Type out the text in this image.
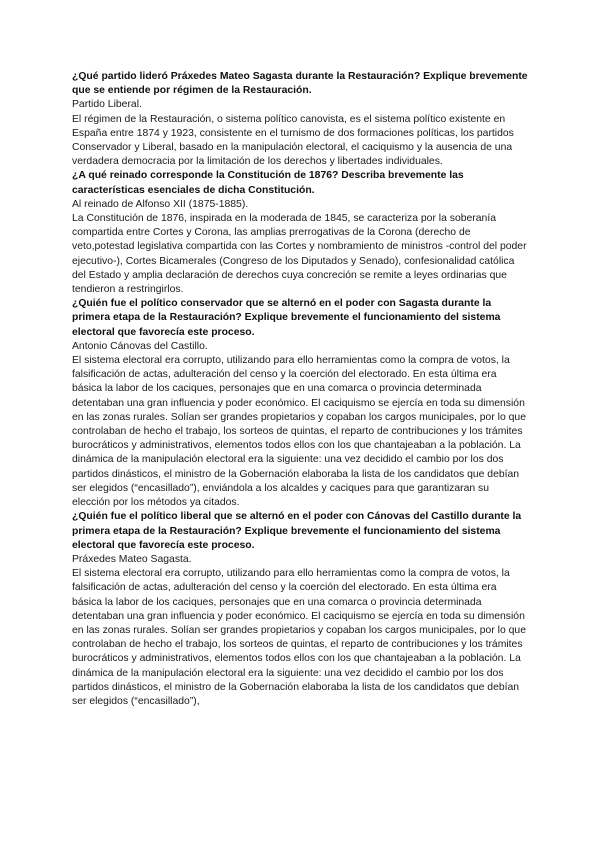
¿Qué partido lideró Práxedes Mateo Sagasta durante la Restauración? Explique brevemente que se entiende por régimen de la Restauración.

Partido Liberal.

El régimen de la Restauración, o sistema político canovista, es el sistema político existente en España entre 1874 y 1923, consistente en el turnismo de dos formaciones políticas, los partidos Conservador y Liberal, basado en la manipulación electoral, el caciquismo y la ausencia de una verdadera democracia por la limitación de los derechos y libertades individuales.

¿A qué reinado corresponde la Constitución de 1876? Describa brevemente las características esenciales de dicha Constitución.

Al reinado de Alfonso XII (1875-1885).

La Constitución de 1876, inspirada en la moderada de 1845, se caracteriza por la soberanía compartida entre Cortes y Corona, las amplias prerrogativas de la Corona (derecho de veto,potestad legislativa compartida con las Cortes y nombramiento de ministros -control del poder ejecutivo-), Cortes Bicamerales (Congreso de los Diputados y Senado), confesionalidad católica del Estado y amplia declaración de derechos cuya concreción se remite a leyes ordinarias que tendieron a restringirlos.

¿Quién fue el político conservador que se alternó en el poder con Sagasta durante la primera etapa de la Restauración? Explique brevemente el funcionamiento del sistema electoral que favorecía este proceso.

Antonio Cánovas del Castillo.

El sistema electoral era corrupto, utilizando para ello herramientas como la compra de votos, la falsificación de actas, adulteración del censo y la coerción del electorado. En esta última era básica la labor de los caciques, personajes que en una comarca o provincia determinada detentaban una gran influencia y poder económico. El caciquismo se ejercía en toda su dimensión en las zonas rurales. Solían ser grandes propietarios y copaban los cargos municipales, por lo que controlaban de hecho el trabajo, los sorteos de quintas, el reparto de contribuciones y los trámites burocráticos y administrativos, elementos todos ellos con los que chantajeaban a la población. La dinámica de la manipulación electoral era la siguiente: una vez decidido el cambio por los dos partidos dinásticos, el ministro de la Gobernación elaboraba la lista de los candidatos que debían ser elegidos (“encasillado”), enviándola a los alcaldes y caciques para que garantizaran su elección por los métodos ya citados.

¿Quién fue el político liberal que se alternó en el poder con Cánovas del Castillo durante la primera etapa de la Restauración? Explique brevemente el funcionamiento del sistema electoral que favorecía este proceso.

Práxedes Mateo Sagasta.

El sistema electoral era corrupto, utilizando para ello herramientas como la compra de votos, la falsificación de actas, adulteración del censo y la coerción del electorado. En esta última era básica la labor de los caciques, personajes que en una comarca o provincia determinada detentaban una gran influencia y poder económico. El caciquismo se ejercía en toda su dimensión en las zonas rurales. Solían ser grandes propietarios y copaban los cargos municipales, por lo que controlaban de hecho el trabajo, los sorteos de quintas, el reparto de contribuciones y los trámites burocráticos y administrativos, elementos todos ellos con los que chantajeaban a la población. La dinámica de la manipulación electoral era la siguiente: una vez decidido el cambio por los dos partidos dinásticos, el ministro de la Gobernación elaboraba la lista de los candidatos que debían ser elegidos (“encasillado”),
